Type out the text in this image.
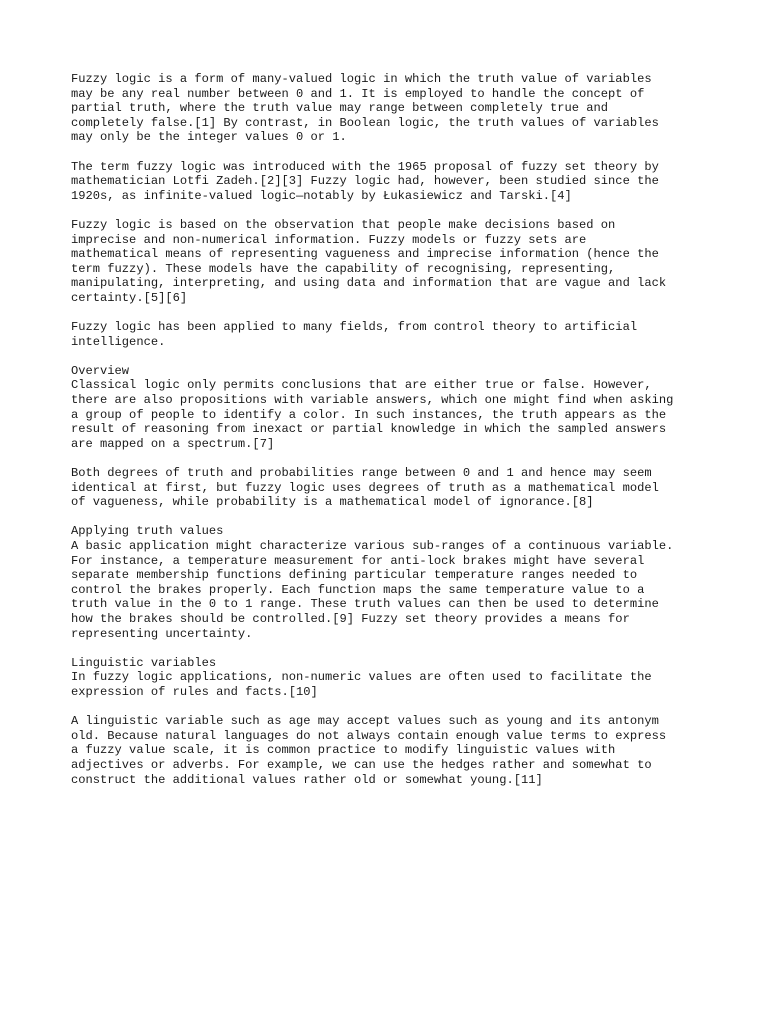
Fuzzy logic is a form of many-valued logic in which the truth value of variables
may be any real number between 0 and 1. It is employed to handle the concept of
partial truth, where the truth value may range between completely true and
completely false.[1] By contrast, in Boolean logic, the truth values of variables
may only be the integer values 0 or 1.

The term fuzzy logic was introduced with the 1965 proposal of fuzzy set theory by
mathematician Lotfi Zadeh.[2][3] Fuzzy logic had, however, been studied since the
1920s, as infinite-valued logic—notably by Łukasiewicz and Tarski.[4]

Fuzzy logic is based on the observation that people make decisions based on
imprecise and non-numerical information. Fuzzy models or fuzzy sets are
mathematical means of representing vagueness and imprecise information (hence the
term fuzzy). These models have the capability of recognising, representing,
manipulating, interpreting, and using data and information that are vague and lack
certainty.[5][6]

Fuzzy logic has been applied to many fields, from control theory to artificial
intelligence.

Overview

Classical logic only permits conclusions that are either true or false. However,
there are also propositions with variable answers, which one might find when asking
a group of people to identify a color. In such instances, the truth appears as the
result of reasoning from inexact or partial knowledge in which the sampled answers
are mapped on a spectrum.[7]

Both degrees of truth and probabilities range between 0 and 1 and hence may seem
identical at first, but fuzzy logic uses degrees of truth as a mathematical model
of vagueness, while probability is a mathematical model of ignorance.[8]

Applying truth values

A basic application might characterize various sub-ranges of a continuous variable.
For instance, a temperature measurement for anti-lock brakes might have several
separate membership functions defining particular temperature ranges needed to
control the brakes properly. Each function maps the same temperature value to a
truth value in the 0 to 1 range. These truth values can then be used to determine
how the brakes should be controlled.[9] Fuzzy set theory provides a means for
representing uncertainty.

Linguistic variables

In fuzzy logic applications, non-numeric values are often used to facilitate the
expression of rules and facts.[10]

A linguistic variable such as age may accept values such as young and its antonym
old. Because natural languages do not always contain enough value terms to express
a fuzzy value scale, it is common practice to modify linguistic values with
adjectives or adverbs. For example, we can use the hedges rather and somewhat to
construct the additional values rather old or somewhat young.[11]
